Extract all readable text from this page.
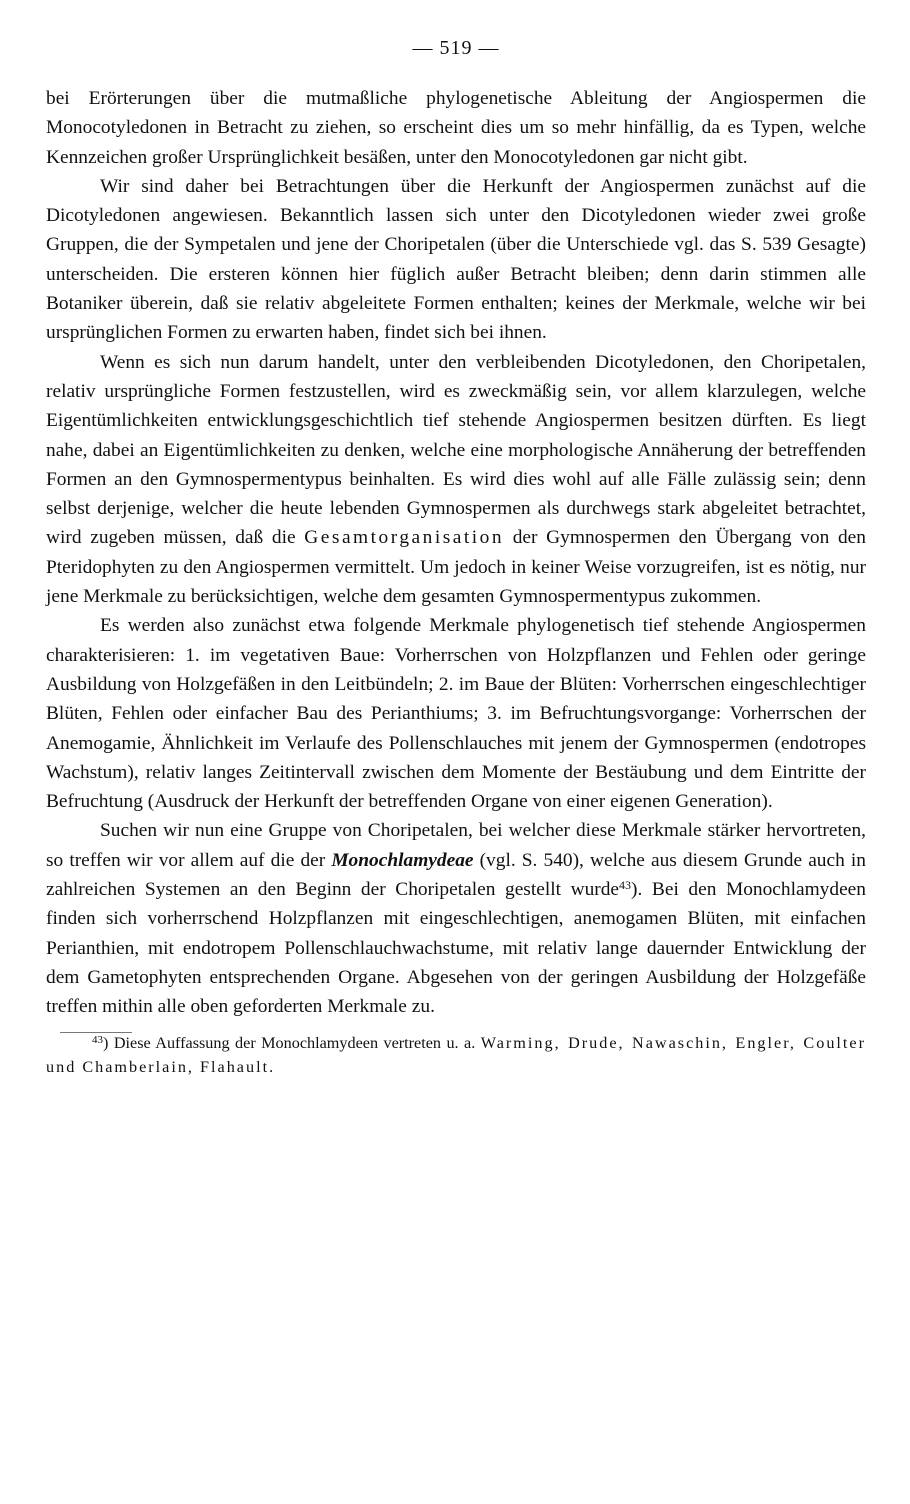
— 519 —

bei Erörterungen über die mutmaßliche phylogenetische Ableitung der Angiospermen die Monocotyledonen in Betracht zu ziehen, so erscheint dies um so mehr hinfällig, da es Typen, welche Kennzeichen großer Ursprünglichkeit besäßen, unter den Monocotyledonen gar nicht gibt.

Wir sind daher bei Betrachtungen über die Herkunft der Angiospermen zunächst auf die Dicotyledonen angewiesen. Bekanntlich lassen sich unter den Dicotyledonen wieder zwei große Gruppen, die der Sympetalen und jene der Choripetalen (über die Unterschiede vgl. das S. 539 Gesagte) unterscheiden. Die ersteren können hier füglich außer Betracht bleiben; denn darin stimmen alle Botaniker überein, daß sie relativ abgeleitete Formen enthalten; keines der Merkmale, welche wir bei ursprünglichen Formen zu erwarten haben, findet sich bei ihnen.

Wenn es sich nun darum handelt, unter den verbleibenden Dicotyledonen, den Choripetalen, relativ ursprüngliche Formen festzustellen, wird es zweckmäßig sein, vor allem klarzulegen, welche Eigentümlichkeiten entwicklungsgeschichtlich tief stehende Angiospermen besitzen dürften. Es liegt nahe, dabei an Eigentümlichkeiten zu denken, welche eine morphologische Annäherung der betreffenden Formen an den Gymnospermentypus beinhalten. Es wird dies wohl auf alle Fälle zulässig sein; denn selbst derjenige, welcher die heute lebenden Gymnospermen als durchwegs stark abgeleitet betrachtet, wird zugeben müssen, daß die Gesamtorganisation der Gymnospermen den Übergang von den Pteridophyten zu den Angiospermen vermittelt. Um jedoch in keiner Weise vorzugreifen, ist es nötig, nur jene Merkmale zu berücksichtigen, welche dem gesamten Gymnospermentypus zukommen.

Es werden also zunächst etwa folgende Merkmale phylogenetisch tief stehende Angiospermen charakterisieren: 1. im vegetativen Baue: Vorherrschen von Holzpflanzen und Fehlen oder geringe Ausbildung von Holzgefäßen in den Leitbündeln; 2. im Baue der Blüten: Vorherrschen eingeschlechtiger Blüten, Fehlen oder einfacher Bau des Perianthiums; 3. im Befruchtungsvorgange: Vorherrschen der Anemogamie, Ähnlichkeit im Verlaufe des Pollenschlauches mit jenem der Gymnospermen (endotropes Wachstum), relativ langes Zeitintervall zwischen dem Momente der Bestäubung und dem Eintritte der Befruchtung (Ausdruck der Herkunft der betreffenden Organe von einer eigenen Generation).

Suchen wir nun eine Gruppe von Choripetalen, bei welcher diese Merkmale stärker hervortreten, so treffen wir vor allem auf die der Monochlamydeae (vgl. S. 540), welche aus diesem Grunde auch in zahlreichen Systemen an den Beginn der Choripetalen gestellt wurde$^{43}$). Bei den Monochlamydeen finden sich vorherrschend Holzpflanzen mit eingeschlechtigen, anemogamen Blüten, mit einfachen Perianthien, mit endotropem Pollenschlauchwachstume, mit relativ lange dauernder Entwicklung der dem Gametophyten entsprechenden Organe. Abgesehen von der geringen Ausbildung der Holzgefäße treffen mithin alle oben geforderten Merkmale zu.

$^{43}$) Diese Auffassung der Monochlamydeen vertreten u. a. Warming, Drude, Nawaschin, Engler, Coulter und Chamberlain, Flahault.
